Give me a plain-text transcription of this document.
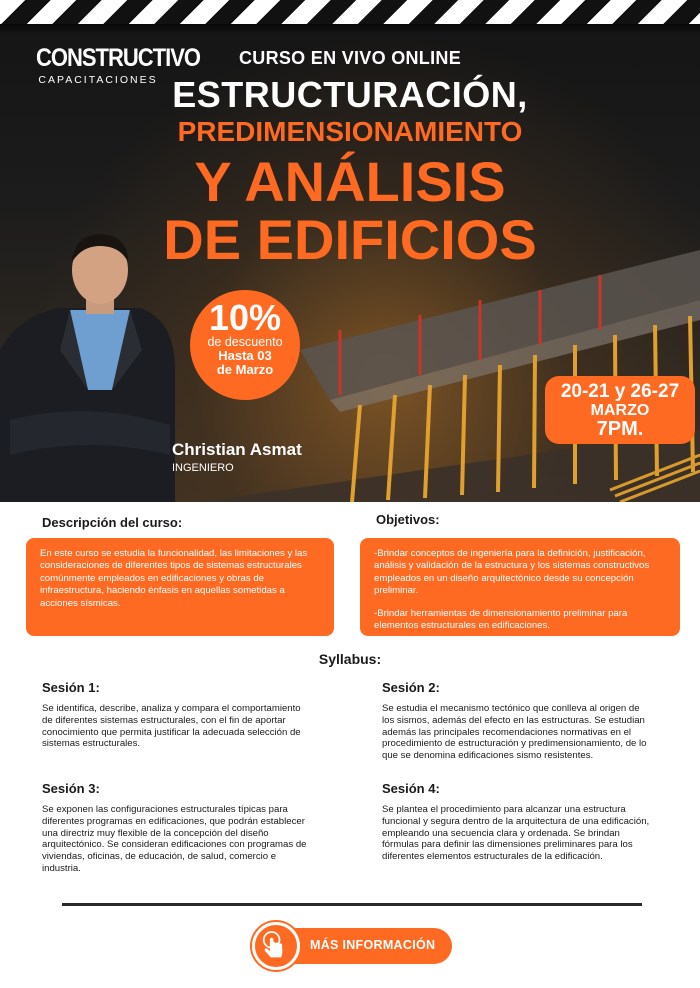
CONSTRUCTIVO
CAPACITACIONES
CURSO EN VIVO ONLINE
ESTRUCTURACIÓN,
PREDIMENSIONAMIENTO
Y ANÁLISIS
DE EDIFICIOS
10%
de descuento
Hasta 03
de Marzo
20-21 y 26-27
MARZO
7PM.
Christian Asmat
INGENIERO
Descripción del curso:	Objetivos:

En este curso se estudia la funcionalidad, las limitaciones y las consideraciones de diferentes tipos de sistemas estructurales comúnmente empleados en edificaciones y obras de infraestructura, haciendo énfasis en aquellas sometidas a acciones sísmicas.

-Brindar conceptos de ingeniería para la definición, justificación, análisis y validación de la estructura y los sistemas constructivos empleados en un diseño arquitectónico desde su concepción preliminar.

-Brindar herramientas de dimensionamiento preliminar para elementos estructurales en edificaciones.

Syllabus:
Sesión 1:
Se identifica, describe, analiza y compara el comportamiento de diferentes sistemas estructurales, con el fin de aportar conocimiento que permita justificar la adecuada selección de sistemas estructurales.
Sesión 2:
Se estudia el mecanismo tectónico que conlleva al origen de los sismos, además del efecto en las estructuras. Se estudian además las principales recomendaciones normativas en el procedimiento de estructuración y predimensionamiento, de lo que se denomina edificaciones sismo resistentes.
Sesión 3:
Se exponen las configuraciones estructurales típicas para diferentes programas en edificaciones, que podrán establecer una directriz muy flexible de la concepción del diseño arquitectónico. Se consideran edificaciones con programas de viviendas, oficinas, de educación, de salud, comercio e industria.
Sesión 4:
Se plantea el procedimiento para alcanzar una estructura funcional y segura dentro de la arquitectura de una edificación, empleando una secuencia clara y ordenada. Se brindan fórmulas para definir las dimensiones preliminares para los diferentes elementos estructurales de la edificación.
MÁS INFORMACIÓN
